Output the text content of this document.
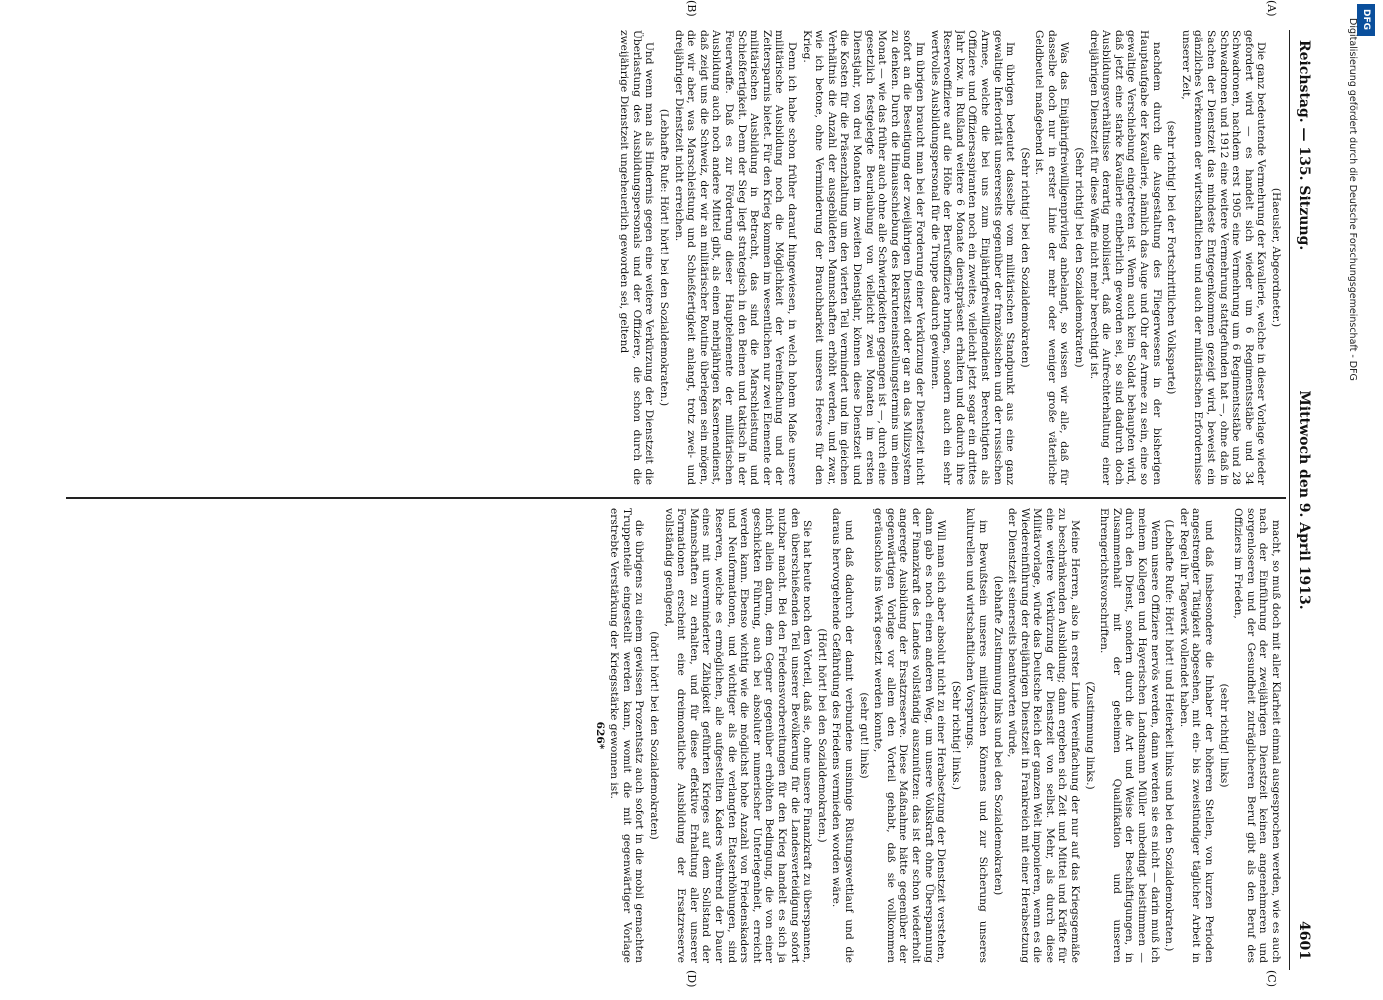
Reichstag. — 135. Sitzung.
Mittwoch den 9. April 1913.
4601

(Haeusler, Abgeordneter.)

Die ganz bedeutende Vermehrung der Kavallerie, welche in dieser Vorlage wieder gefordert wird — es handelt sich wieder um 6 Regimentsstäbe und 34 Schwadronen, nachdem erst 1905 eine Vermehrung um 6 Regimentsstäbe und 28 Schwadronen und 1912 eine weitere Vermehrung stattgefunden hat —, ohne daß in Sachen der Dienstzeit das mindeste Entgegenkommen gezeigt wird, beweist ein gänzliches Verkennen der wirtschaftlichen und auch der militärischen Erfordernisse unserer Zeit,

(sehr richtig! bei der Fortschrittlichen Volkspartei)

nachdem durch die Ausgestaltung des Fliegerwesens in der bisherigen Hauptaufgabe der Kavallerie, nämlich das Auge und Ohr der Armee zu sein, eine so gewaltige Verschiebung eingetreten ist. Wenn auch kein Soldat behaupten wird, daß jetzt eine starke Kavallerie entbehrlich geworden sei, so sind dadurch doch Ausbildungsverhältnisse derartig mobilisiert, daß die Aufrechterhaltung einer dreijährigen Dienstzeit für diese Waffe nicht mehr berechtigt ist.

(Sehr richtig! bei den Sozialdemokraten)

Was das Einjährigfreiwilligenprivileg anbelangt, so wissen wir alle, daß für dasselbe doch nur in erster Linie der mehr oder weniger große väterliche Geldbeutel maßgebend ist.

(Sehr richtig! bei den Sozialdemokraten)

Im übrigen bedeutet dasselbe vom militärischen Standpunkt aus eine ganz gewaltige Inferiorität unsererseits gegenüber der französischen und der russischen Armee, welche die bei uns zum Einjährigfreiwilligendienst Berechtigten als Offiziere und Offiziersaspiranten noch ein zweites, vielleicht jetzt sogar ein drittes Jahr bzw. in Rußland weitere 6 Monate dienstpräsent erhalten und dadurch ihre Reserveoffiziere auf die Höhe der Berufsoffiziere bringen, sondern auch ein sehr wertvolles Ausbildungspersonal für die Truppe dadurch gewinnen.

Im übrigen braucht man bei der Forderung einer Verkürzung der Dienstzeit nicht sofort an die Beseitigung der zweijährigen Dienstzeit oder gar an das Milizsystem zu denken. Durch die Hinausschiebung des Rekruteneinstellungstermins um einen Monat — wie das früher auch ohne alle Schwierigkeiten gegangen ist —, durch eine gesetzlich festgelegte Beurlaubung von vielleicht zwei Monaten im ersten Dienstjahr, von drei Monaten im zweiten Dienstjahr, können diese Dienstzeit und die Kosten für die Präsenzhaltung um den vierten Teil vermindert und im gleichen Verhältnis die Anzahl der ausgebildeten Mannschaften erhöht werden, und zwar, wie ich betone, ohne Verminderung der Brauchbarkeit unseres Heeres für den Krieg.

Denn ich habe schon früher darauf hingewiesen, in welch hohem Maße unsere militärische Ausbildung noch die Möglichkeit der Vereinfachung und der Zeitersparnis bietet. Für den Krieg kommen im wesentlichen nur zwei Elemente der militärischen Ausbildung in Betracht, das sind die Marschleistung und Schießfertigkeit. Denn der Sieg liegt strategisch in den Beinen und taktisch in der Feuerwaffe. Daß es zur Förderung dieser Hauptelemente der militärischen Ausbildung auch noch andere Mittel gibt, als einen mehrjährigen Kasernendienst, daß zeigt uns die Schweiz, der wir an militärischer Routine überlegen sein mögen, die wir aber, was Marschleistung und Schießfertigkeit anlangt, trotz zwei- und dreijähriger Dienstzeit nicht erreichen.

(Lebhafte Rufe: Hört! hört! bei den Sozialdemokraten.)

Und wenn man als Hindernis gegen eine weitere Verkürzung der Dienstzeit die Überlastung des Ausbildungspersonals und der Offiziere, die schon durch die zweijährige Dienstzeit ungeheuerlich geworden sei, geltend

macht, so muß doch mit aller Klarheit einmal ausgesprochen werden, wie es auch nach der Einführung der zweijährigen Dienstzeit keinen angenehmeren und sorgenloseren und der Gesundheit zuträglicheren Beruf gibt als den Beruf des Offiziers im Frieden,

(sehr richtig! links)

und daß insbesondere die Inhaber der höheren Stellen, von kurzen Perioden angestrengter Tätigkeit abgesehen, mit ein- bis zweistündiger täglicher Arbeit in der Regel ihr Tagewerk vollendet haben.

(Lebhafte Rufe: Hört! hört! und Heiterkeit links und bei den Sozialdemokraten.)

Wenn unsere Offiziere nervös werden, dann werden sie es nicht — darin muß ich meinem Kollegen und Hayerischen Landsmann Müller unbedingt beistimmen — durch den Dienst, sondern durch die Art und Weise der Beschäftigungen, in Zusammenhalt mit der geheimen Qualifikation und unseren Ehrengerichtsvorschriften.

(Zustimmung links.)

Meine Herren, also in erster Linie Vereinfachung der nur auf das Kriegsgemäße zu beschränkenden Ausbildung; dann ergeben sich Zeit und Mittel und Kräfte für eine weitere Verkürzung der Dienstzeit von selbst. Mehr, als durch diese Militärvorlage, würde das Deutsche Reich der ganzen Welt imponieren, wenn es die Wiedereinführung der dreijährigen Dienstzeit in Frankreich mit einer Herabsetzung der Dienstzeit seinerseits beantworten würde,

(lebhafte Zustimmung links und bei den Sozialdemokraten)

im Bewußtsein unseres militärischen Könnens und zur Sicherung unseres kulturellen und wirtschaftlichen Vorsprungs.

(Sehr richtig! links.)

Will man sich aber absolut nicht zu einer Herabsetzung der Dienstzeit verstehen, dann gab es noch einen anderen Weg, um unsere Volkskraft ohne Überspannung der Finanzkraft des Landes vollständig auszunützen: das ist der schon wiederholt angeregte Ausbildung der Ersatzreserve. Diese Maßnahme hätte gegenüber der gegenwärtigen Vorlage vor allem den Vorteil gehabt, daß sie vollkommen geräuschlos ins Werk gesetzt werden konnte,

(sehr gut! links)

und daß dadurch der damit verbundene unsinnige Rüstungswettlauf und die daraus hervorgehende Gefährdung des Friedens vermieden worden wäre.

(Hört! hört! bei den Sozialdemokraten.)

Sie hat heute noch den Vorteil, daß sie, ohne unsere Finanzkraft zu überspannen, den überschießenden Teil unserer Bevölkerung für die Landesverteidigung sofort nutzbar macht. Bei den Friedensvorbereitungen für den Krieg handelt es sich ja nicht allein darum, dem Gegner gegenüber erhöhten Bedingung, die von einer geschickten Führung, auch bei absoluter numerischer Unterlegenheit, erreicht werden kann. Ebenso wichtig wie die möglichst hohe Anzahl von Friedenskaders und Neuformationen, und wichtiger als die verlangten Etatserhöhungen, sind Reserven, welche es ermöglichen, alle aufgestellten Kaders während der Dauer eines mit unverminderter Zähigkeit geführten Krieges auf dem Sollstand der Mannschaften zu erhalten, und für diese effektive Erhaltung aller unserer Formationen erscheint eine dreimonatliche Ausbildung der Ersatzreserve vollständig genügend,

(hört! hört! bei den Sozialdemokraten)

die übrigens zu einem gewissen Prozentsatz auch sofort in die mobil gemachten Truppenteile eingestellt werden kann, womit die mit gegenwärtiger Vorlage erstrebte Verstärkung der Kriegsstärke gewonnen ist.

626*
(A)
(B)
(C)
(D)
DFG
Digitalisierung gefördert durch die Deutsche Forschungsgemeinschaft - DFG
